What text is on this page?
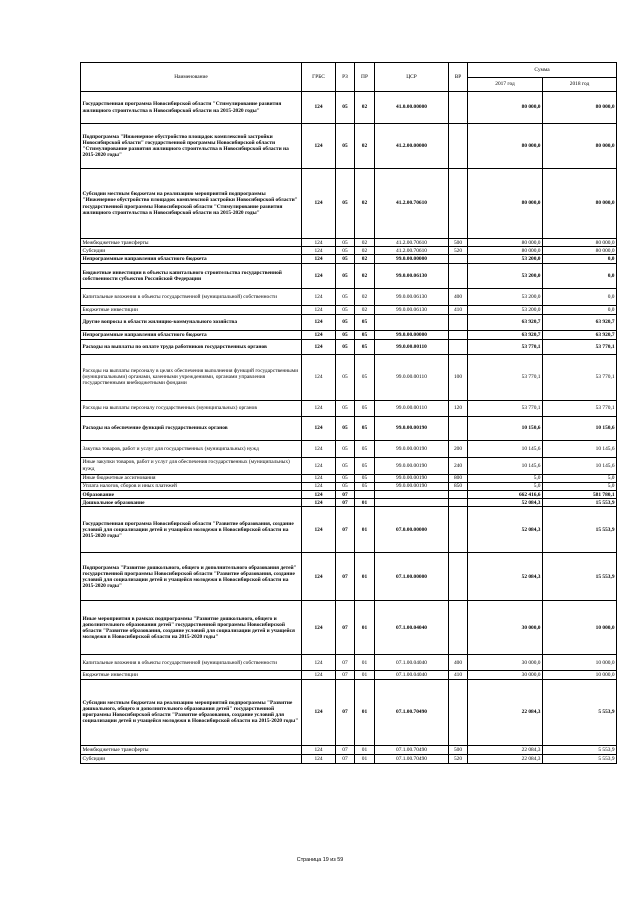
Наименование	ГРБС	РЗ	ПР	ЦСР	ВР	Сумма	
						2017 год	2018 год
Государственная программа Новосибирской области "Стимулирование развития жилищного строительства в Новосибирской области на 2015-2020 годы"	124	05	02	41.0.00.00000		80 000,0	80 000,0
Подпрограмма "Инженерное обустройство площадок комплексной застройки Новосибирской области" государственной программы Новосибирской области "Стимулирование развития жилищного строительства в Новосибирской области на 2015-2020 годы"	124	05	02	41.2.00.00000		80 000,0	80 000,0
Субсидии местным бюджетам на реализацию мероприятий подпрограммы "Инженерное обустройство площадок комплексной застройки Новосибирской области" государственной программы Новосибирской области "Стимулирование развития жилищного строительства в Новосибирской области на 2015-2020 годы"	124	05	02	41.2.00.70610		80 000,0	80 000,0
Межбюджетные трансферты	124	05	02	41.2.00.70610	500	80 000,0	80 000,0
Субсидии	124	05	02	41.2.00.70610	520	80 000,0	80 000,0
Непрограммные направления областного бюджета	124	05	02	99.0.00.00000		53 200,0	0,0
Бюджетные инвестиции в объекты капитального строительства государственной собственности субъектов Российской Федерации	124	05	02	99.0.00.06130		53 200,0	0,0
Капитальные вложения в объекты государственной (муниципальной) собственности	124	05	02	99.0.00.06130	400	53 200,0	0,0
Бюджетные инвестиции	124	05	02	99.0.00.06130	410	53 200,0	0,0
Другие вопросы в области жилищно-коммунального хозяйства	124	05	05			63 920,7	63 920,7
Непрограммные направления областного бюджета	124	05	05	99.0.00.00000		63 920,7	63 920,7
Расходы на выплаты по оплате труда работников государственных органов	124	05	05	99.0.00.00110		53 770,1	53 770,1
Расходы на выплаты персоналу в целях обеспечения выполнения функций государственными (муниципальными) органами, казенными учреждениями, органами управления государственными внебюджетными фондами	124	05	05	99.0.00.00110	100	53 770,1	53 770,1
Расходы на выплаты персоналу государственных (муниципальных) органов	124	05	05	99.0.00.00110	120	53 770,1	53 770,1
Расходы на обеспечение функций государственных органов	124	05	05	99.0.00.00190		10 150,6	10 150,6
Закупка товаров, работ и услуг для государственных (муниципальных) нужд	124	05	05	99.0.00.00190	200	10 145,6	10 145,6
Иные закупки товаров, работ и услуг для обеспечения государственных (муниципальных) нужд	124	05	05	99.0.00.00190	240	10 145,6	10 145,6
Иные бюджетные ассигнования	124	05	05	99.0.00.00190	800	5,0	5,0
Уплата налогов, сборов и иных платежей	124	05	05	99.0.00.00190	850	5,0	5,0
Образование	124	07				662 416,6	581 780,1
Дошкольное образование	124	07	01			52 084,3	15 553,9
Государственная программа Новосибирской области "Развитие образования, создание условий для социализации детей и учащейся молодежи в Новосибирской области на 2015-2020 годы"	124	07	01	07.0.00.00000		52 084,3	15 553,9
Подпрограмма "Развитие дошкольного, общего и дополнительного образования детей" государственной программы Новосибирской области "Развитие образования, создание условий для социализации детей и учащейся молодежи в Новосибирской области на 2015-2020 годы"	124	07	01	07.1.00.00000		52 084,3	15 553,9
Иные мероприятия в рамках подпрограммы "Развитие дошкольного, общего и дополнительного образования детей" государственной программы Новосибирской области "Развитие образования, создание условий для социализации детей и учащейся молодежи в Новосибирской области на 2015-2020 годы"	124	07	01	07.1.00.04040		30 000,0	10 000,0
Капитальные вложения в объекты государственной (муниципальной) собственности	124	07	01	07.1.00.04040	400	30 000,0	10 000,0
Бюджетные инвестиции	124	07	01	07.1.00.04040	410	30 000,0	10 000,0
Субсидии местным бюджетам на реализацию мероприятий подпрограммы "Развитие дошкольного, общего и дополнительного образования детей" государственной программы Новосибирской области "Развитие образования, создание условий для социализации детей и учащейся молодежи в Новосибирской области на 2015-2020 годы"	124	07	01	07.1.00.70490		22 084,3	5 553,9
Межбюджетные трансферты	124	07	01	07.1.00.70490	500	22 084,3	5 553,9
Субсидии	124	07	01	07.1.00.70490	520	22 084,3	5 553,9
Страница 19 из 59
